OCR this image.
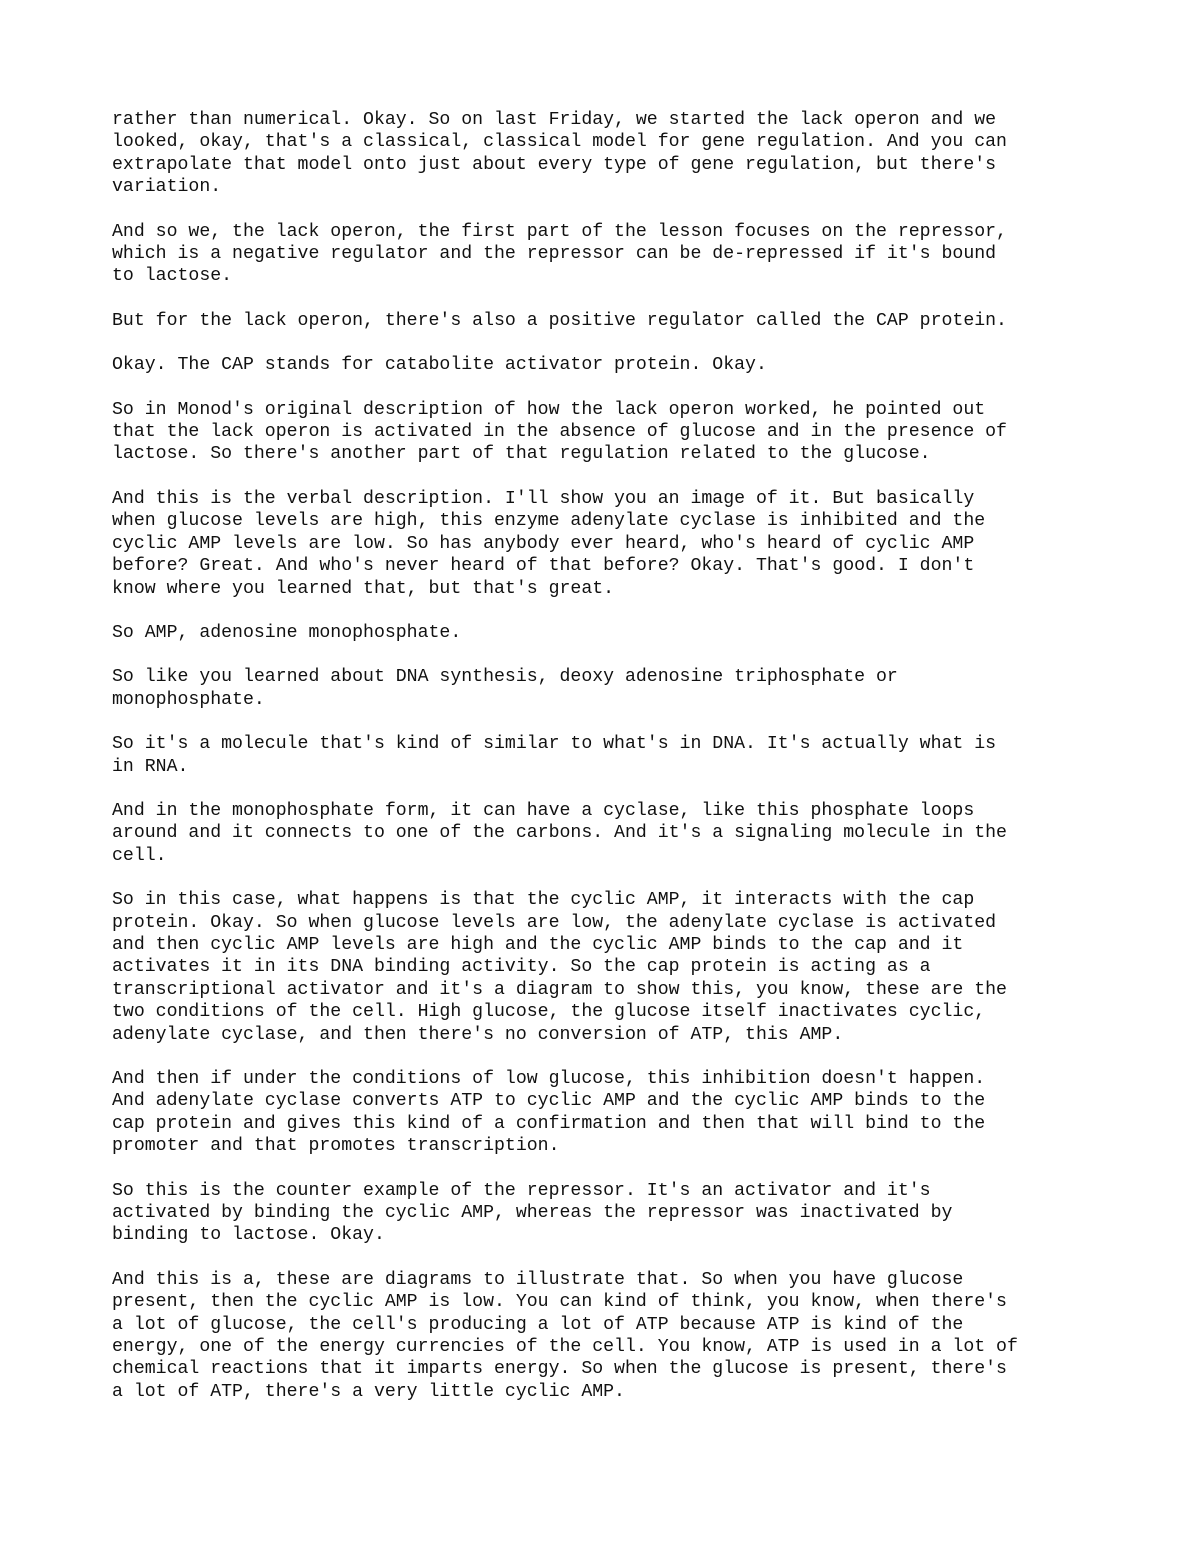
rather than numerical. Okay. So on last Friday, we started the lack operon and we
looked, okay, that's a classical, classical model for gene regulation. And you can
extrapolate that model onto just about every type of gene regulation, but there's
variation.

And so we, the lack operon, the first part of the lesson focuses on the repressor,
which is a negative regulator and the repressor can be de-repressed if it's bound
to lactose.

But for the lack operon, there's also a positive regulator called the CAP protein.

Okay. The CAP stands for catabolite activator protein. Okay.

So in Monod's original description of how the lack operon worked, he pointed out
that the lack operon is activated in the absence of glucose and in the presence of
lactose. So there's another part of that regulation related to the glucose.

And this is the verbal description. I'll show you an image of it. But basically
when glucose levels are high, this enzyme adenylate cyclase is inhibited and the
cyclic AMP levels are low. So has anybody ever heard, who's heard of cyclic AMP
before? Great. And who's never heard of that before? Okay. That's good. I don't
know where you learned that, but that's great.

So AMP, adenosine monophosphate.

So like you learned about DNA synthesis, deoxy adenosine triphosphate or
monophosphate.

So it's a molecule that's kind of similar to what's in DNA. It's actually what is
in RNA.

And in the monophosphate form, it can have a cyclase, like this phosphate loops
around and it connects to one of the carbons. And it's a signaling molecule in the
cell.

So in this case, what happens is that the cyclic AMP, it interacts with the cap
protein. Okay. So when glucose levels are low, the adenylate cyclase is activated
and then cyclic AMP levels are high and the cyclic AMP binds to the cap and it
activates it in its DNA binding activity. So the cap protein is acting as a
transcriptional activator and it's a diagram to show this, you know, these are the
two conditions of the cell. High glucose, the glucose itself inactivates cyclic,
adenylate cyclase, and then there's no conversion of ATP, this AMP.

And then if under the conditions of low glucose, this inhibition doesn't happen.
And adenylate cyclase converts ATP to cyclic AMP and the cyclic AMP binds to the
cap protein and gives this kind of a confirmation and then that will bind to the
promoter and that promotes transcription.

So this is the counter example of the repressor. It's an activator and it's
activated by binding the cyclic AMP, whereas the repressor was inactivated by
binding to lactose. Okay.

And this is a, these are diagrams to illustrate that. So when you have glucose
present, then the cyclic AMP is low. You can kind of think, you know, when there's
a lot of glucose, the cell's producing a lot of ATP because ATP is kind of the
energy, one of the energy currencies of the cell. You know, ATP is used in a lot of
chemical reactions that it imparts energy. So when the glucose is present, there's
a lot of ATP, there's a very little cyclic AMP.
